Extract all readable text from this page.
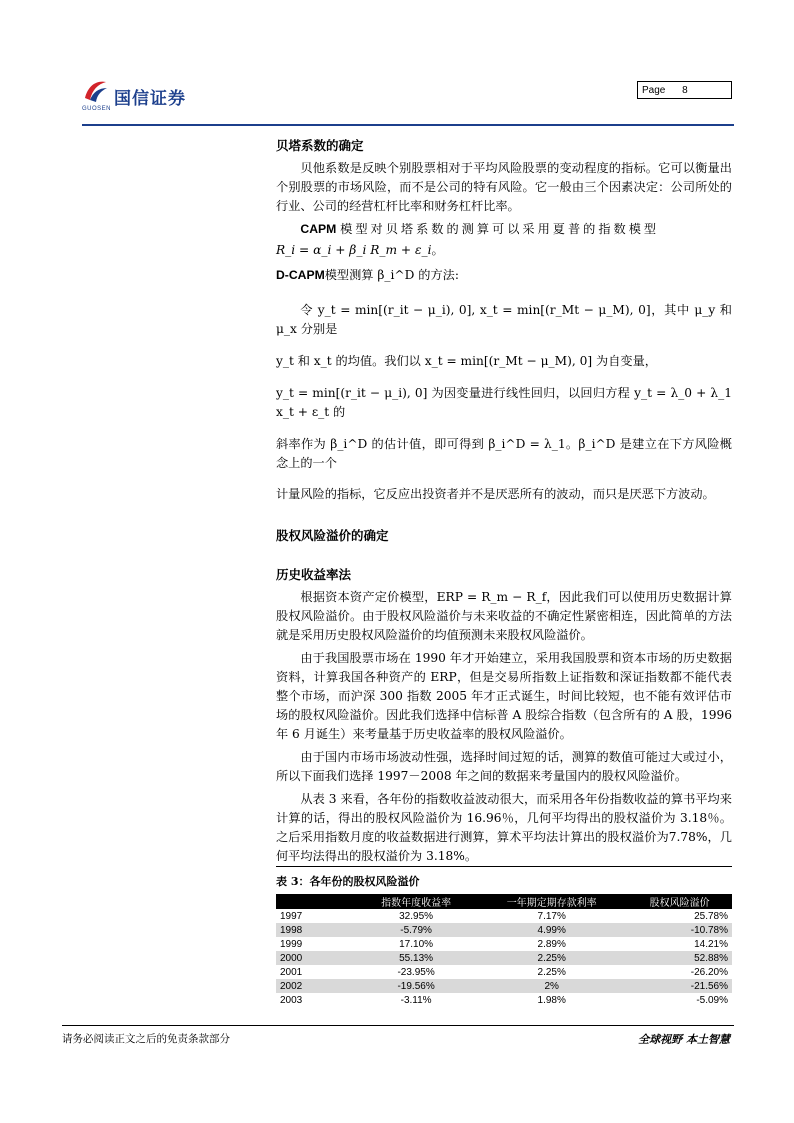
国信证券
GUOSEN
Page 8

贝塔系数的确定

贝他系数是反映个别股票相对于平均风险股票的变动程度的指标。它可以衡量出个别股票的市场风险，而不是公司的特有风险。它一般由三个因素决定：公司所处的行业、公司的经营杠杆比率和财务杠杆比率。

CAPM 模型对贝塔系数的测算可以采用夏普的指数模型

R_i = α_i + β_i R_m + ε_i。

D-CAPM模型测算 β_i^D 的方法:

令 y_t = min[(r_it − μ_i), 0], x_t = min[(r_Mt − μ_M), 0]，其中 μ_y 和 μ_x 分别是

y_t 和 x_t 的均值。我们以 x_t = min[(r_Mt − μ_M), 0] 为自变量，

y_t = min[(r_it − μ_i), 0] 为因变量进行线性回归，以回归方程 y_t = λ_0 + λ_1 x_t + ε_t 的

斜率作为 β_i^D 的估计值，即可得到 β_i^D = λ_1。β_i^D 是建立在下方风险概念上的一个

计量风险的指标，它反应出投资者并不是厌恶所有的波动，而只是厌恶下方波动。

股权风险溢价的确定

历史收益率法

根据资本资产定价模型，ERP = R_m − R_f，因此我们可以使用历史数据计算股权风险溢价。由于股权风险溢价与未来收益的不确定性紧密相连，因此简单的方法就是采用历史股权风险溢价的均值预测未来股权风险溢价。

由于我国股票市场在 1990 年才开始建立，采用我国股票和资本市场的历史数据资料，计算我国各种资产的 ERP，但是交易所指数上证指数和深证指数都不能代表整个市场，而沪深 300 指数 2005 年才正式诞生，时间比较短，也不能有效评估市场的股权风险溢价。因此我们选择中信标普 A 股综合指数（包含所有的 A 股，1996 年 6 月诞生）来考量基于历史收益率的股权风险溢价。

由于国内市场市场波动性强，选择时间过短的话，测算的数值可能过大或过小，所以下面我们选择 1997－2008 年之间的数据来考量国内的股权风险溢价。

从表 3 来看，各年份的指数收益波动很大，而采用各年份指数收益的算书平均来计算的话，得出的股权风险溢价为 16.96％，几何平均得出的股权溢价为 3.18％。之后采用指数月度的收益数据进行测算，算术平均法计算出的股权溢价为7.78%，几何平均法得出的股权溢价为 3.18%。

表 3：各年份的股权风险溢价
	指数年度收益率	一年期定期存款利率	股权风险溢价
1997	32.95%	7.17%	25.78%
1998	-5.79%	4.99%	-10.78%
1999	17.10%	2.89%	14.21%
2000	55.13%	2.25%	52.88%
2001	-23.95%	2.25%	-26.20%
2002	-19.56%	2%	-21.56%
2003	-3.11%	1.98%	-5.09%
请务必阅读正文之后的免责条款部分	全球视野 本土智慧
